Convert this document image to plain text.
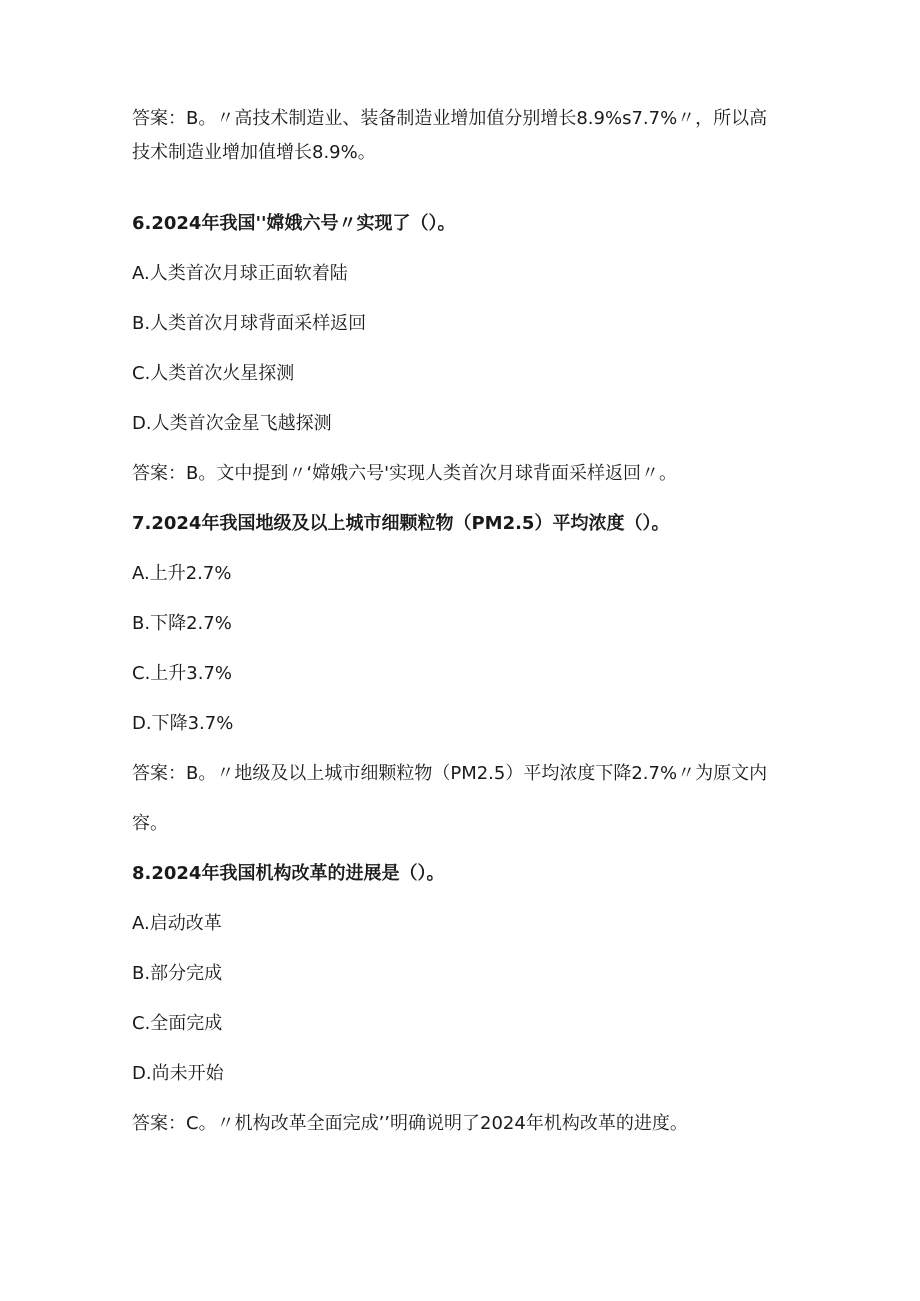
答案：B。〃高技术制造业、装备制造业增加值分别增长8.9%s7.7%〃，所以高
技术制造业增加值增长8.9%。
6.2024年我国''嫦娥六号〃实现了（）。
A.人类首次月球正面软着陆
B.人类首次月球背面采样返回
C.人类首次火星探测
D.人类首次金星飞越探测
答案：B。文中提到〃‘嫦娥六号'实现人类首次月球背面采样返回〃。
7.2024年我国地级及以上城市细颗粒物（PM2.5）平均浓度（）。
A.上升2.7%
B.下降2.7%
C.上升3.7%
D.下降3.7%
答案：B。〃地级及以上城市细颗粒物（PM2.5）平均浓度下降2.7%〃为原文内
容。
8.2024年我国机构改革的进展是（）。
A.启动改革
B.部分完成
C.全面完成
D.尚未开始
答案：C。〃机构改革全面完成’’明确说明了2024年机构改革的进度。
